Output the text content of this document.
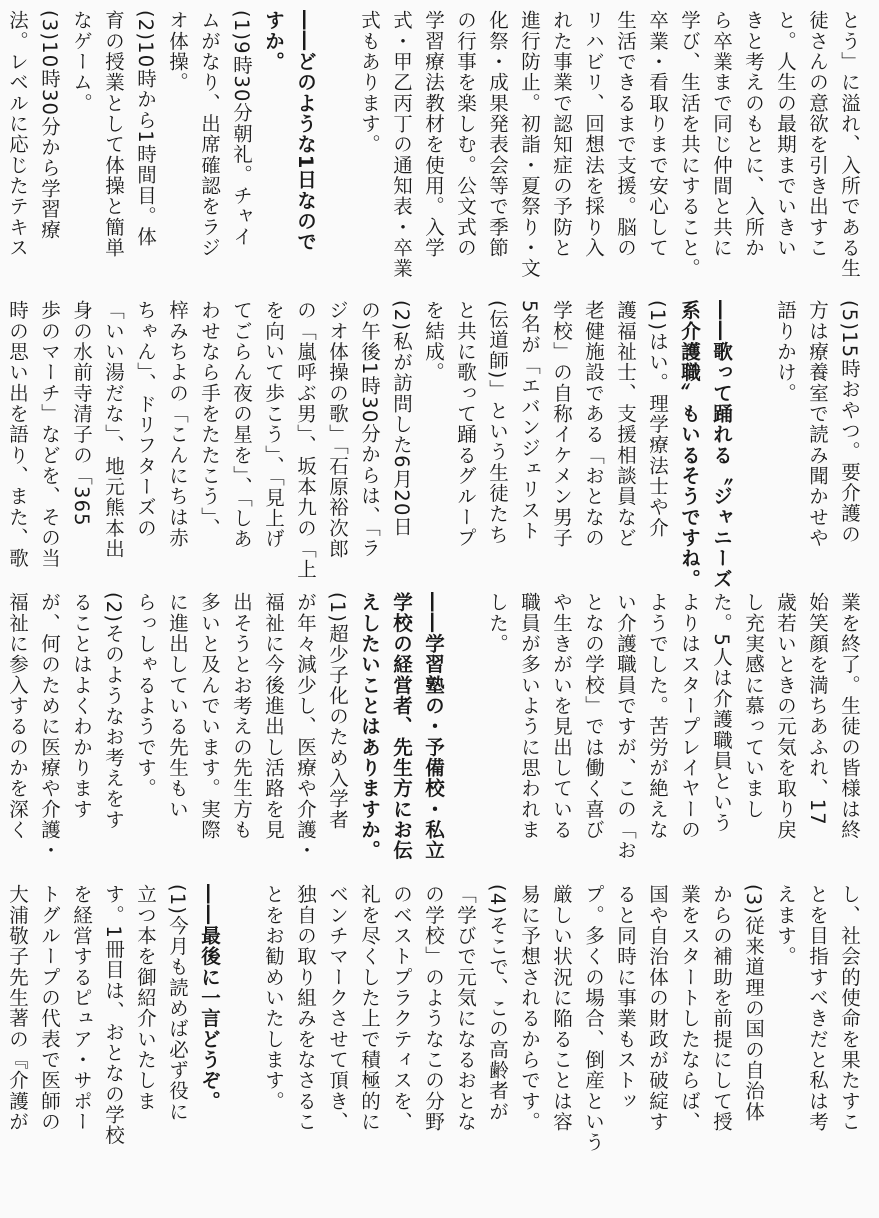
とう」に溢れ、入所である生
徒さんの意欲を引き出すこ
と。人生の最期までいきい
きと考えのもとに、入所か
ら卒業まで同じ仲間と共に
学び、生活を共にすること。
卒業・看取りまで安心して
生活できるまで支援。脳の
リハビリ、回想法を採り入
れた事業で認知症の予防と
進行防止。初詣・夏祭り・文
化祭・成果発表会等で季節
の行事を楽しむ。公文式の
学習療法教材を使用。入学
式・甲乙丙丁の通知表・卒業
式もあります。
――どのような1日なので
すか。
(1)9時30分朝礼。チャイ
ムがなり、出席確認をラジ
オ体操。
(2)10時から1時間目。体
育の授業として体操と簡単
なゲーム。
(3)10時30分から学習療
法。レベルに応じたテキス
(5)15時おやつ。要介護の
方は療養室で読み聞かせや
語りかけ。
――歌って踊れる〝ジャニーズ
系介護職〟もいるそうですね。
(1)はい。理学療法士や介
護福祉士、支援相談員など
老健施設である「おとなの
学校」の自称イケメン男子
5名が「エバンジェリスト
(伝道師)」という生徒たち
と共に歌って踊るグループ
を結成。
(2)私が訪問した6月20日
の午後1時30分からは、「ラ
ジオ体操の歌」「石原裕次郎
の「嵐呼ぶ男」、坂本九の「上
を向いて歩こう」、「見上げ
てごらん夜の星を」、「しあ
わせなら手をたたこう」、
梓みちよの「こんにちは赤
ちゃん」、ドリフターズの
「いい湯だな」、地元熊本出
身の水前寺清子の「365
歩のマーチ」などを、その当
時の思い出を語り、また、歌
業を終了。生徒の皆様は終
始笑顔を満ちあふれ、17
歳若いときの元気を取り戻
し充実感に慕っていまし
た。5人は介護職員という
よりはスタープレイヤーの
ようでした。苦労が絶えな
い介護職員ですが、この「お
となの学校」では働く喜び
や生きがいを見出している
職員が多いように思われま
した。
――学習塾の・予備校・私立
学校の経営者、先生方にお伝
えしたいことはありますか。
(1)超少子化のため入学者
が年々減少し、医療や介護・
福祉に今後進出し活路を見
出そうとお考えの先生方も
多いと及んでいます。実際
に進出している先生もい
らっしゃるようです。
(2)そのようなお考えをす
ることはよくわかります
が、何のために医療や介護・
福祉に参入するのかを深く
し、社会的使命を果たすこ
とを目指すべきだと私は考
えます。
(3)従来道理の国の自治体
からの補助を前提にして授
業をスタートしたならば、
国や自治体の財政が破綻す
ると同時に事業もストッ
プ。多くの場合、倒産という
厳しい状況に陥ることは容
易に予想されるからです。
(4)そこで、この高齢者が
「学びで元気になるおとな
の学校」のようなこの分野
のベストプラクティスを、
礼を尽くした上で積極的に
ベンチマークさせて頂き、
独自の取り組みをなさるこ
とをお勧めいたします。
――最後に一言どうぞ。
(1)今月も読めば必ず役に
立つ本を御紹介いたしま
す。1冊目は、おとなの学校
を経営するピュア・サポー
トグループの代表で医師の
大浦敬子先生著の『介護が
